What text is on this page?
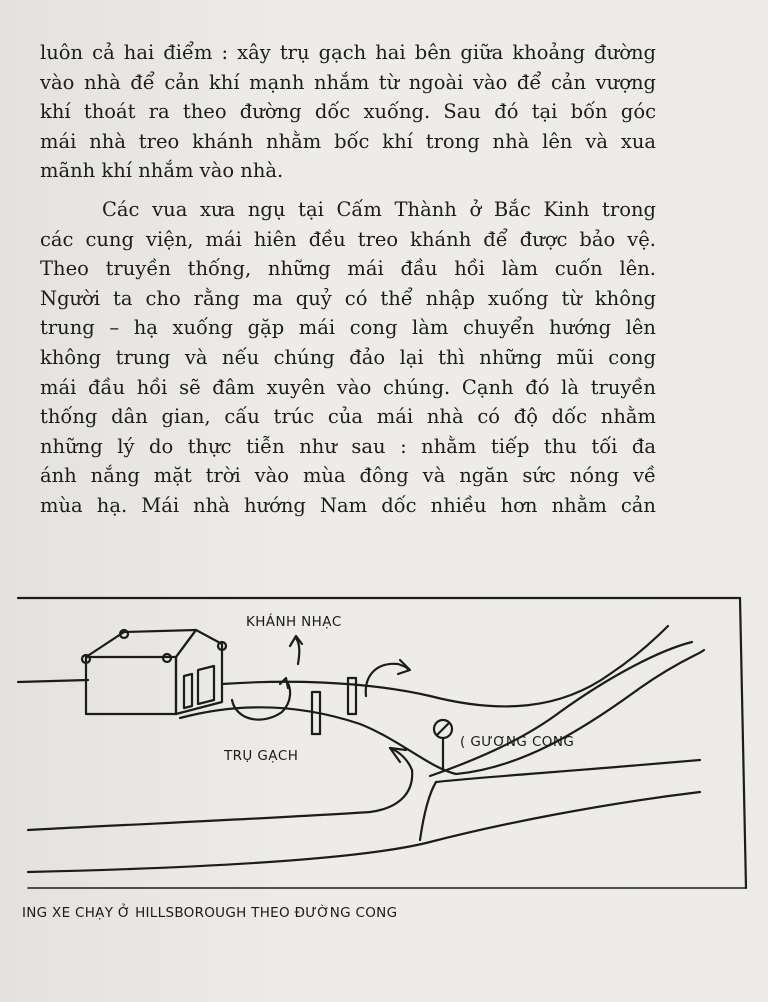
luôn cả hai điểm : xây trụ gạch hai bên giữa khoảng đường
vào nhà để cản khí mạnh nhắm từ ngoài vào để cản vượng
khí thoát ra theo đường dốc xuống. Sau đó tại bốn góc
mái nhà treo khánh nhằm bốc khí trong nhà lên và xua
mãnh khí nhắm vào nhà.
Các vua xưa ngụ tại Cấm Thành ở Bắc Kinh trong
các cung viện, mái hiên đều treo khánh để được bảo vệ.
Theo truyền thống, những mái đầu hồi làm cuốn lên.
Người ta cho rằng ma quỷ có thể nhập xuống từ không
trung – hạ xuống gặp mái cong làm chuyển hướng lên
không trung và nếu chúng đảo lại thì những mũi cong
mái đầu hồi sẽ đâm xuyên vào chúng. Cạnh đó là truyền
thống dân gian, cấu trúc của mái nhà có độ dốc nhằm
những lý do thực tiễn như sau : nhằm tiếp thu tối đa
ánh nắng mặt trời vào mùa đông và ngăn sức nóng về
mùa hạ. Mái nhà hướng Nam dốc nhiều hơn nhằm cản
KHÁNH NHẠC
TRỤ GẠCH
( GƯƠNG CONG
ING XE CHẠY Ở HILLSBOROUGH THEO ĐƯỜNG CONG
